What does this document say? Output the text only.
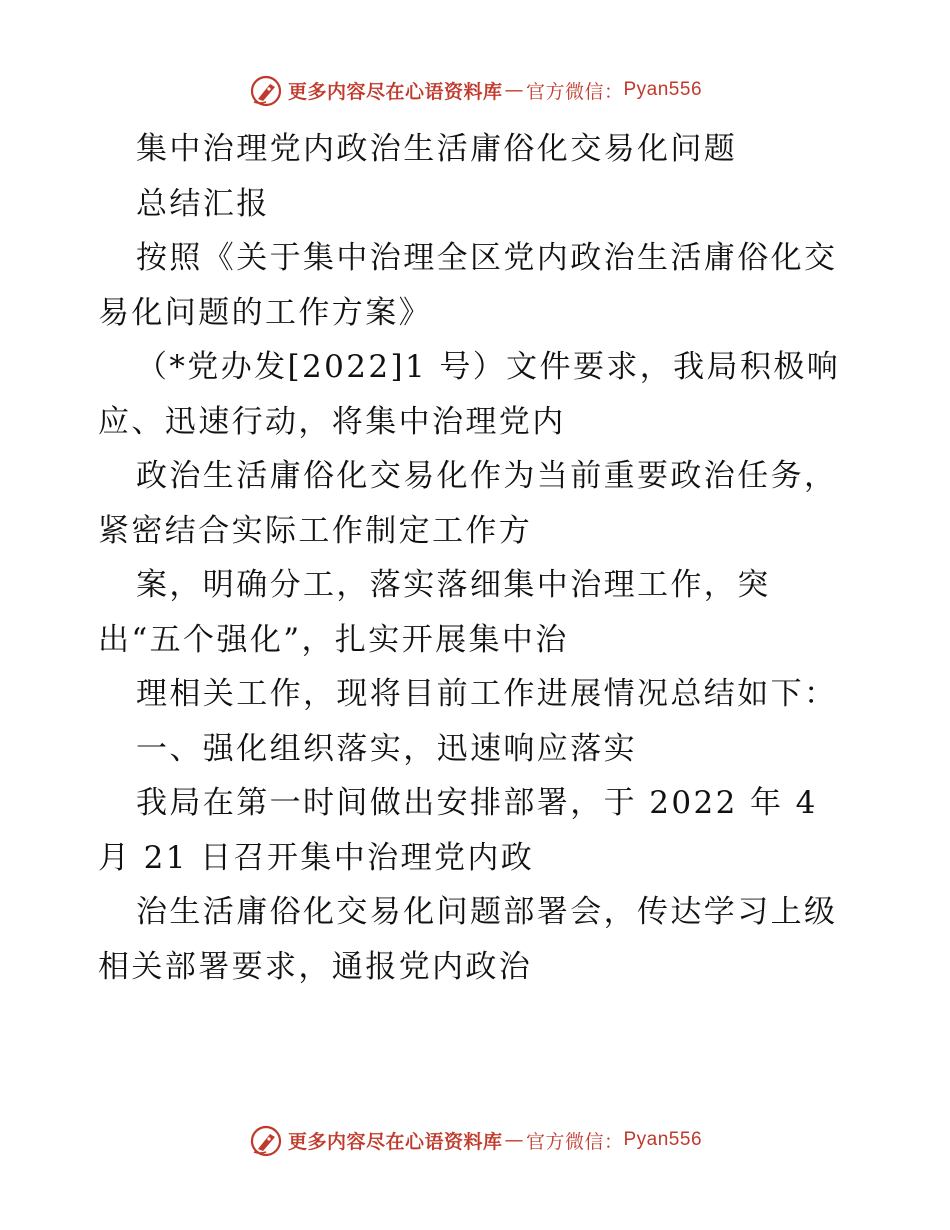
更多内容尽在心语资料库 — 官方微信： Pyan556
集中治理党内政治生活庸俗化交易化问题
总结汇报
按照《关于集中治理全区党内政治生活庸俗化交
易化问题的工作方案》
（*党办发[2022]1 号）文件要求，我局积极响
应、迅速行动，将集中治理党内
政治生活庸俗化交易化作为当前重要政治任务，
紧密结合实际工作制定工作方
案，明确分工，落实落细集中治理工作，突
出“五个强化”，扎实开展集中治
理相关工作，现将目前工作进展情况总结如下：
一、强化组织落实，迅速响应落实
我局在第一时间做出安排部署，于 2022 年 4
月 21 日召开集中治理党内政
治生活庸俗化交易化问题部署会，传达学习上级
相关部署要求，通报党内政治
更多内容尽在心语资料库 — 官方微信： Pyan556
